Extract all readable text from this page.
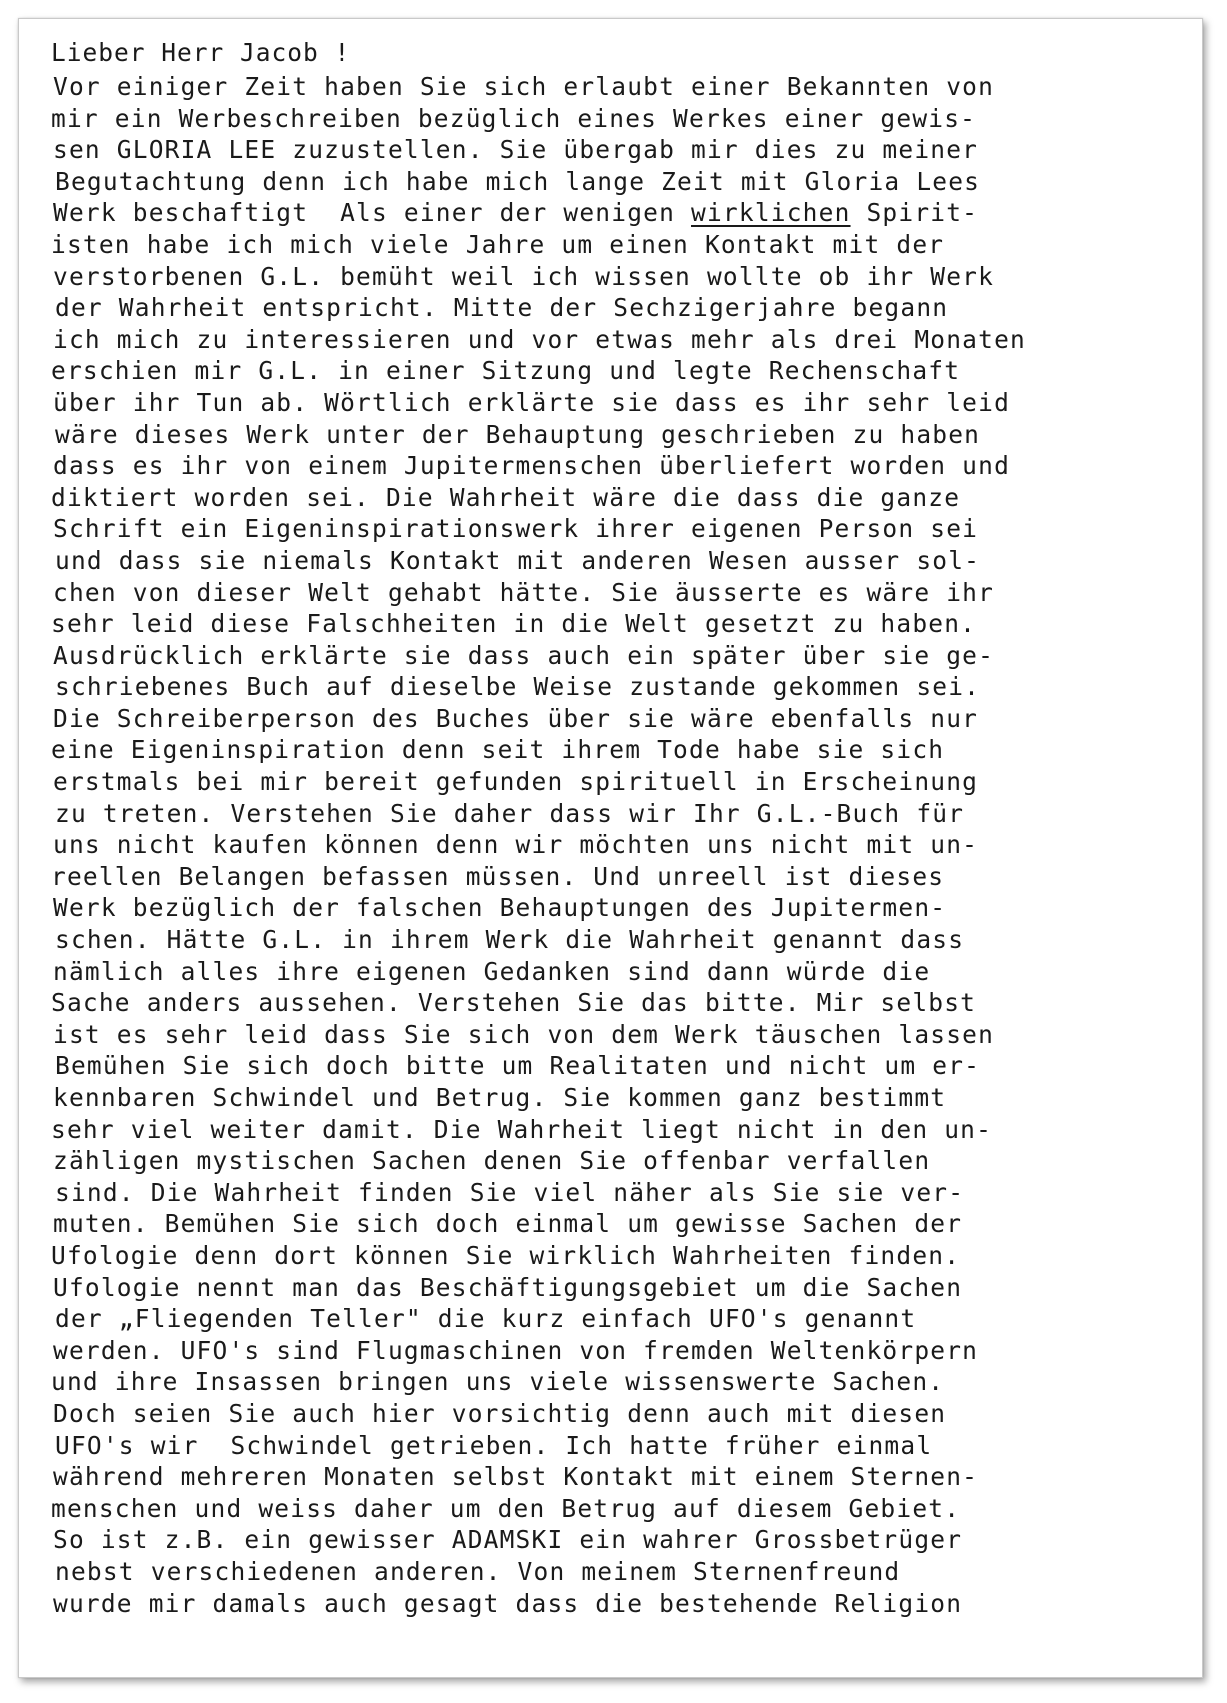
Lieber Herr Jacob !
Vor einiger Zeit haben Sie sich erlaubt einer Bekannten von
mir ein Werbeschreiben bezüglich eines Werkes einer gewis-
sen GLORIA LEE zuzustellen. Sie übergab mir dies zu meiner
Begutachtung denn ich habe mich lange Zeit mit Gloria Lees
Werk beschaftigt  Als einer der wenigen wirklichen Spirit-
isten habe ich mich viele Jahre um einen Kontakt mit der
verstorbenen G.L. bemüht weil ich wissen wollte ob ihr Werk
der Wahrheit entspricht. Mitte der Sechzigerjahre begann
ich mich zu interessieren und vor etwas mehr als drei Monaten
erschien mir G.L. in einer Sitzung und legte Rechenschaft
über ihr Tun ab. Wörtlich erklärte sie dass es ihr sehr leid
wäre dieses Werk unter der Behauptung geschrieben zu haben
dass es ihr von einem Jupitermenschen überliefert worden und
diktiert worden sei. Die Wahrheit wäre die dass die ganze
Schrift ein Eigeninspirationswerk ihrer eigenen Person sei
und dass sie niemals Kontakt mit anderen Wesen ausser sol-
chen von dieser Welt gehabt hätte. Sie äusserte es wäre ihr
sehr leid diese Falschheiten in die Welt gesetzt zu haben.
Ausdrücklich erklärte sie dass auch ein später über sie ge-
schriebenes Buch auf dieselbe Weise zustande gekommen sei.
Die Schreiberperson des Buches über sie wäre ebenfalls nur
eine Eigeninspiration denn seit ihrem Tode habe sie sich
erstmals bei mir bereit gefunden spirituell in Erscheinung
zu treten. Verstehen Sie daher dass wir Ihr G.L.-Buch für
uns nicht kaufen können denn wir möchten uns nicht mit un-
reellen Belangen befassen müssen. Und unreell ist dieses
Werk bezüglich der falschen Behauptungen des Jupitermen-
schen. Hätte G.L. in ihrem Werk die Wahrheit genannt dass
nämlich alles ihre eigenen Gedanken sind dann würde die
Sache anders aussehen. Verstehen Sie das bitte. Mir selbst
ist es sehr leid dass Sie sich von dem Werk täuschen lassen
Bemühen Sie sich doch bitte um Realitaten und nicht um er-
kennbaren Schwindel und Betrug. Sie kommen ganz bestimmt
sehr viel weiter damit. Die Wahrheit liegt nicht in den un-
zähligen mystischen Sachen denen Sie offenbar verfallen
sind. Die Wahrheit finden Sie viel näher als Sie sie ver-
muten. Bemühen Sie sich doch einmal um gewisse Sachen der
Ufologie denn dort können Sie wirklich Wahrheiten finden.
Ufologie nennt man das Beschäftigungsgebiet um die Sachen
der „Fliegenden Teller" die kurz einfach UFO's genannt
werden. UFO's sind Flugmaschinen von fremden Weltenkörpern
und ihre Insassen bringen uns viele wissenswerte Sachen.
Doch seien Sie auch hier vorsichtig denn auch mit diesen
UFO's wir  Schwindel getrieben. Ich hatte früher einmal
während mehreren Monaten selbst Kontakt mit einem Sternen-
menschen und weiss daher um den Betrug auf diesem Gebiet.
So ist z.B. ein gewisser ADAMSKI ein wahrer Grossbetrüger
nebst verschiedenen anderen. Von meinem Sternenfreund
wurde mir damals auch gesagt dass die bestehende Religion
